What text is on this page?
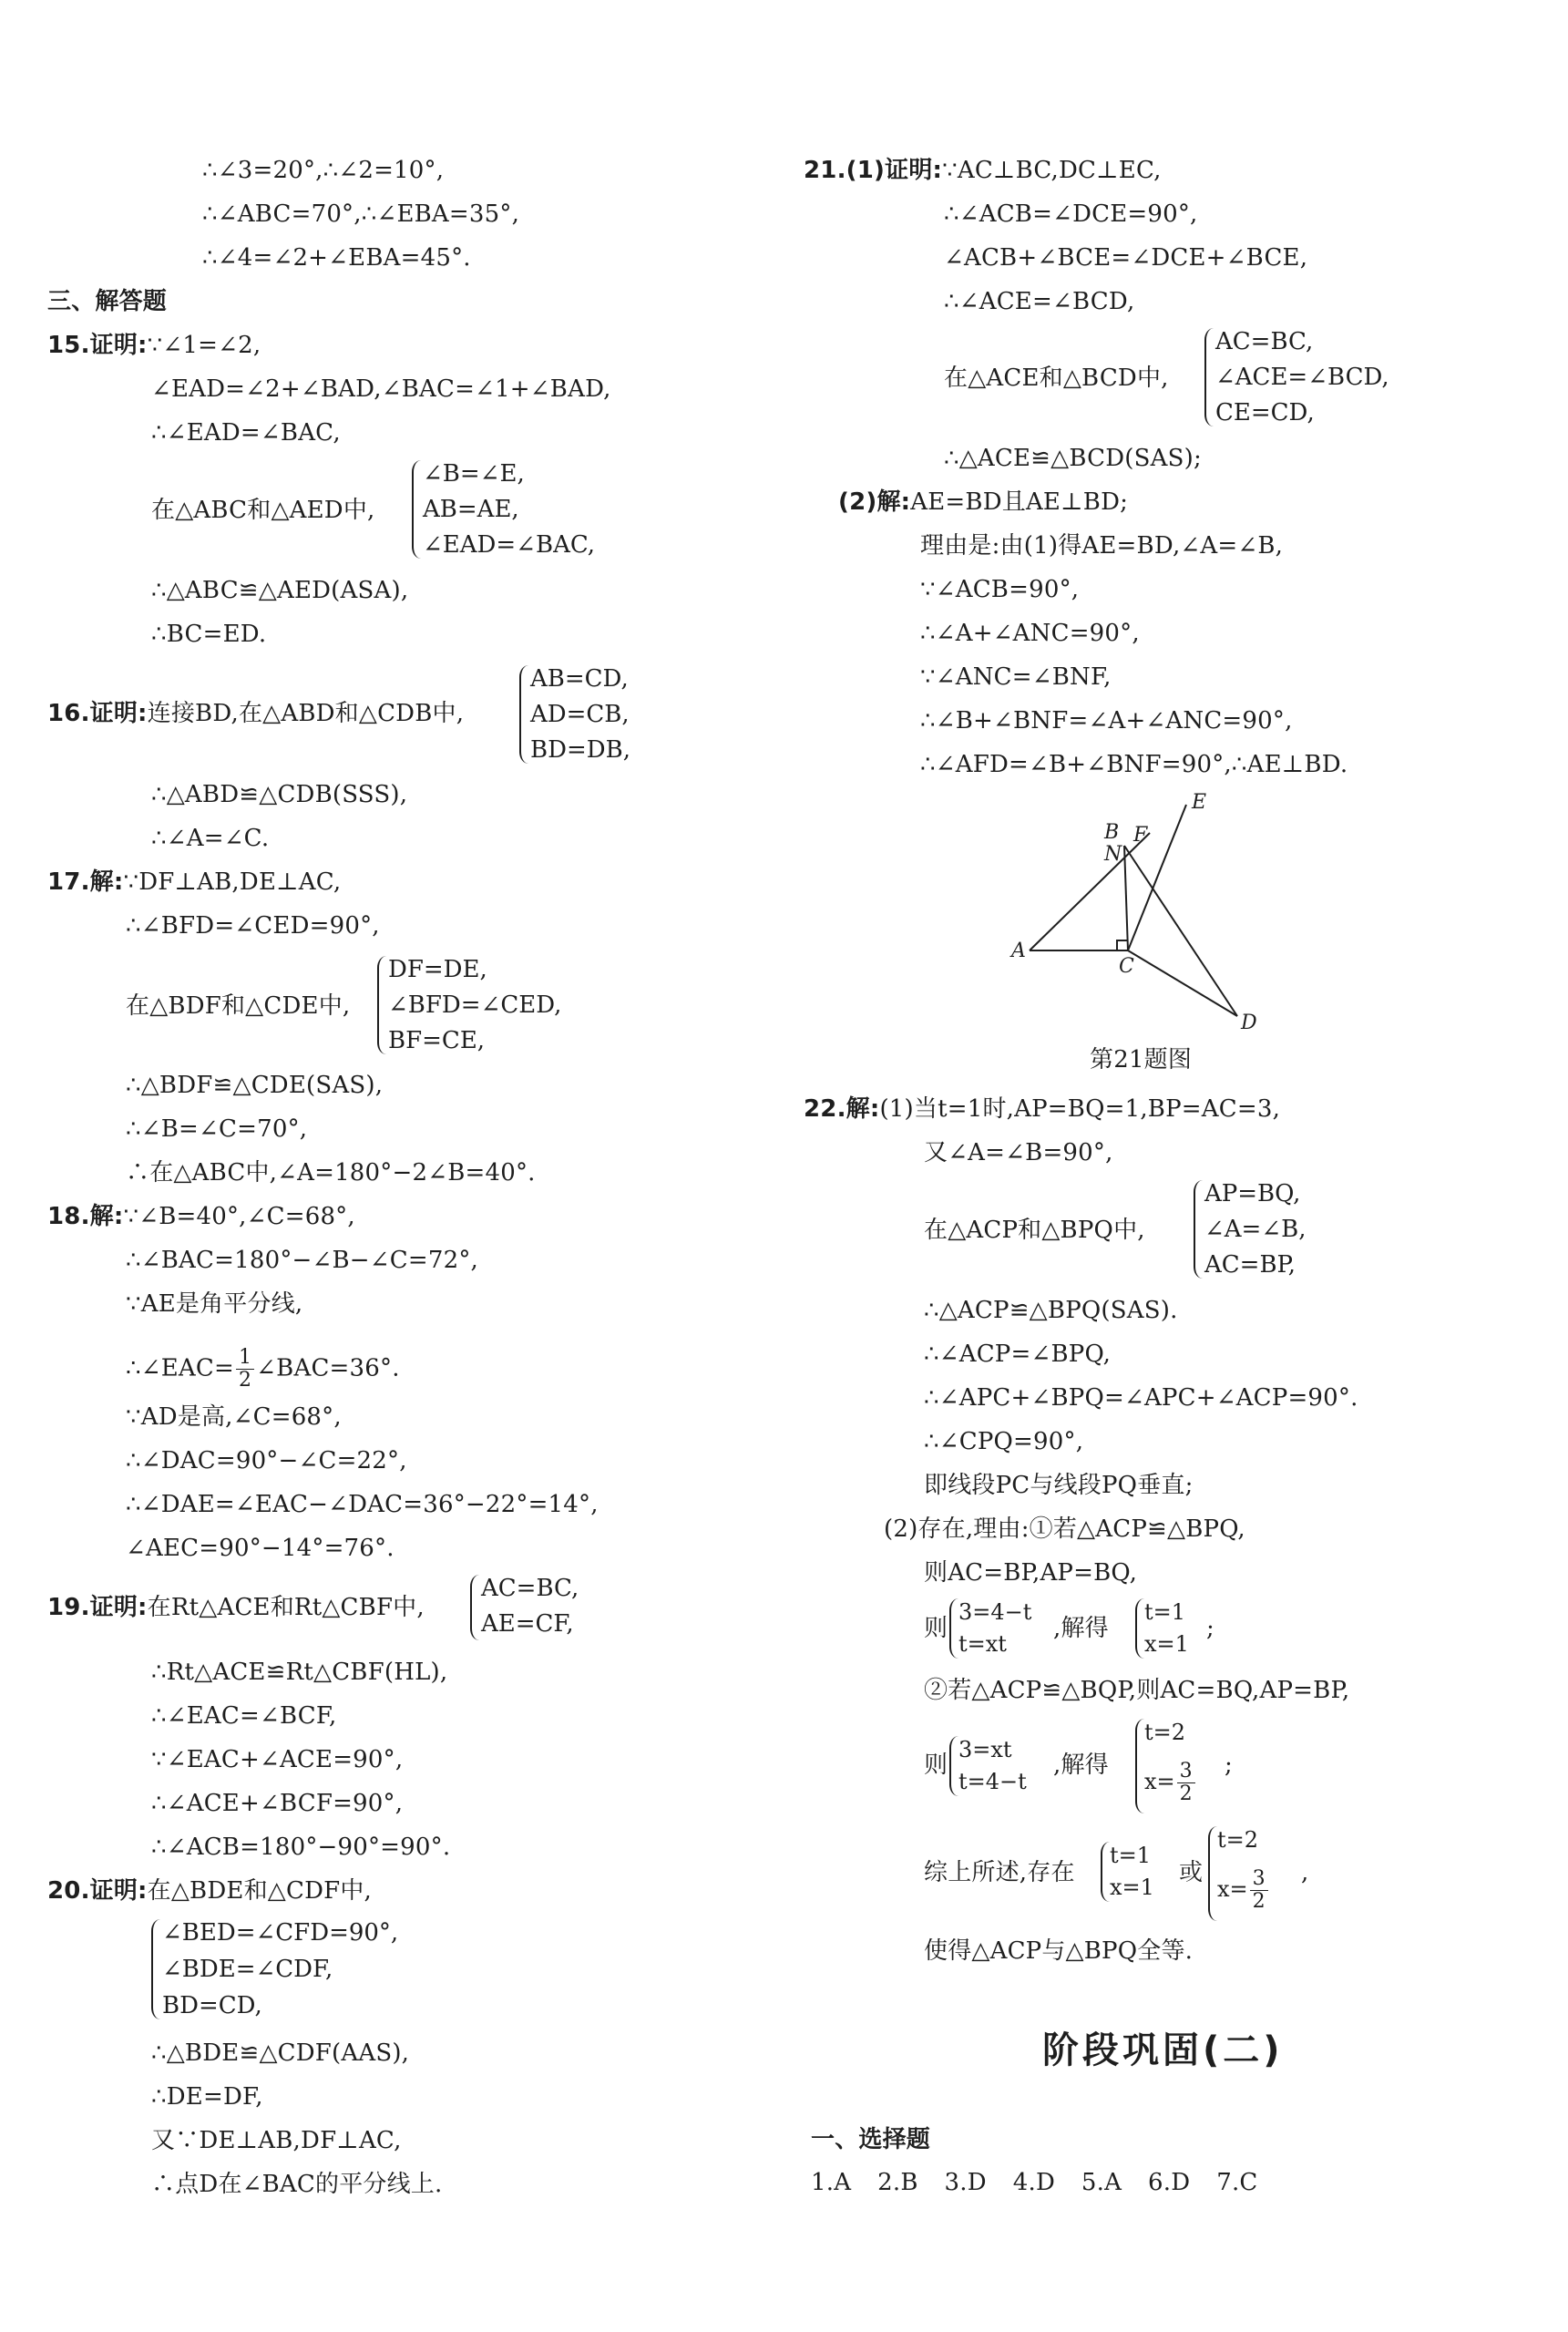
∴∠3=20°,∴∠2=10°,
∴∠ABC=70°,∴∠EBA=35°,
∴∠4=∠2+∠EBA=45°.
三、解答题
15.证明:∵∠1=∠2,
∠EAD=∠2+∠BAD,∠BAC=∠1+∠BAD,
∴∠EAD=∠BAC,
在△ABC和△AED中,
∠B=∠E,
AB=AE,
∠EAD=∠BAC,
∴△ABC≌△AED(ASA),
∴BC=ED.
16.证明:连接BD,在△ABD和△CDB中,
AB=CD,
AD=CB,
BD=DB,
∴△ABD≌△CDB(SSS),
∴∠A=∠C.
17.解:∵DF⊥AB,DE⊥AC,
∴∠BFD=∠CED=90°,
在△BDF和△CDE中,
DF=DE,
∠BFD=∠CED,
BF=CE,
∴△BDF≌△CDE(SAS),
∴∠B=∠C=70°,
∴在△ABC中,∠A=180°−2∠B=40°.
18.解:∵∠B=40°,∠C=68°,
∴∠BAC=180°−∠B−∠C=72°,
∵AE是角平分线,
∴∠EAC= $\frac{1}{2}$ ∠BAC=36°.
∵AD是高,∠C=68°,
∴∠DAC=90°−∠C=22°,
∴∠DAE=∠EAC−∠DAC=36°−22°=14°,
∠AEC=90°−14°=76°.
19.证明:在Rt△ACE和Rt△CBF中,
AC=BC,
AE=CF,
∴Rt△ACE≌Rt△CBF(HL),
∴∠EAC=∠BCF,
∵∠EAC+∠ACE=90°,
∴∠ACE+∠BCF=90°,
∴∠ACB=180°−90°=90°.
20.证明:在△BDE和△CDF中,
∠BED=∠CFD=90°,
∠BDE=∠CDF,
BD=CD,
∴△BDE≌△CDF(AAS),
∴DE=DF,
又∵DE⊥AB,DF⊥AC,
∴点D在∠BAC的平分线上.
21.(1)证明:∵AC⊥BC,DC⊥EC,
∴∠ACB=∠DCE=90°,
∠ACB+∠BCE=∠DCE+∠BCE,
∴∠ACE=∠BCD,
在△ACE和△BCD中,
AC=BC,
∠ACE=∠BCD,
CE=CD,
∴△ACE≌△BCD(SAS);
(2)解:AE=BD且AE⊥BD;
理由是:由(1)得AE=BD,∠A=∠B,
∵∠ACB=90°,
∴∠A+∠ANC=90°,
∵∠ANC=∠BNF,
∴∠B+∠BNF=∠A+∠ANC=90°,
∴∠AFD=∠B+∠BNF=90°,∴AE⊥BD.
A
B
C
D
E
F
N
第21题图
22.解:(1)当t=1时,AP=BQ=1,BP=AC=3,
又∠A=∠B=90°,
在△ACP和△BPQ中,
AP=BQ,
∠A=∠B,
AC=BP,
∴△ACP≌△BPQ(SAS).
∴∠ACP=∠BPQ,
∴∠APC+∠BPQ=∠APC+∠ACP=90°.
∴∠CPQ=90°,
即线段PC与线段PQ垂直;
(2)存在,理由:①若△ACP≌△BPQ,
则AC=BP,AP=BQ,
则
3=4−t
t=xt
,解得
t=1
x=1
;
②若△ACP≌△BQP,则AC=BQ,AP=BP,
则
3=xt
t=4−t
,解得
t=2
$x= \frac{3}{2}$ ;
综上所述,存在
t=1
x=1
或
t=2
$x= \frac{3}{2}$ ,
使得△ACP与△BPQ全等.
阶段巩固(二)
一、选择题
1.A  2.B  3.D  4.D  5.A  6.D  7.C
